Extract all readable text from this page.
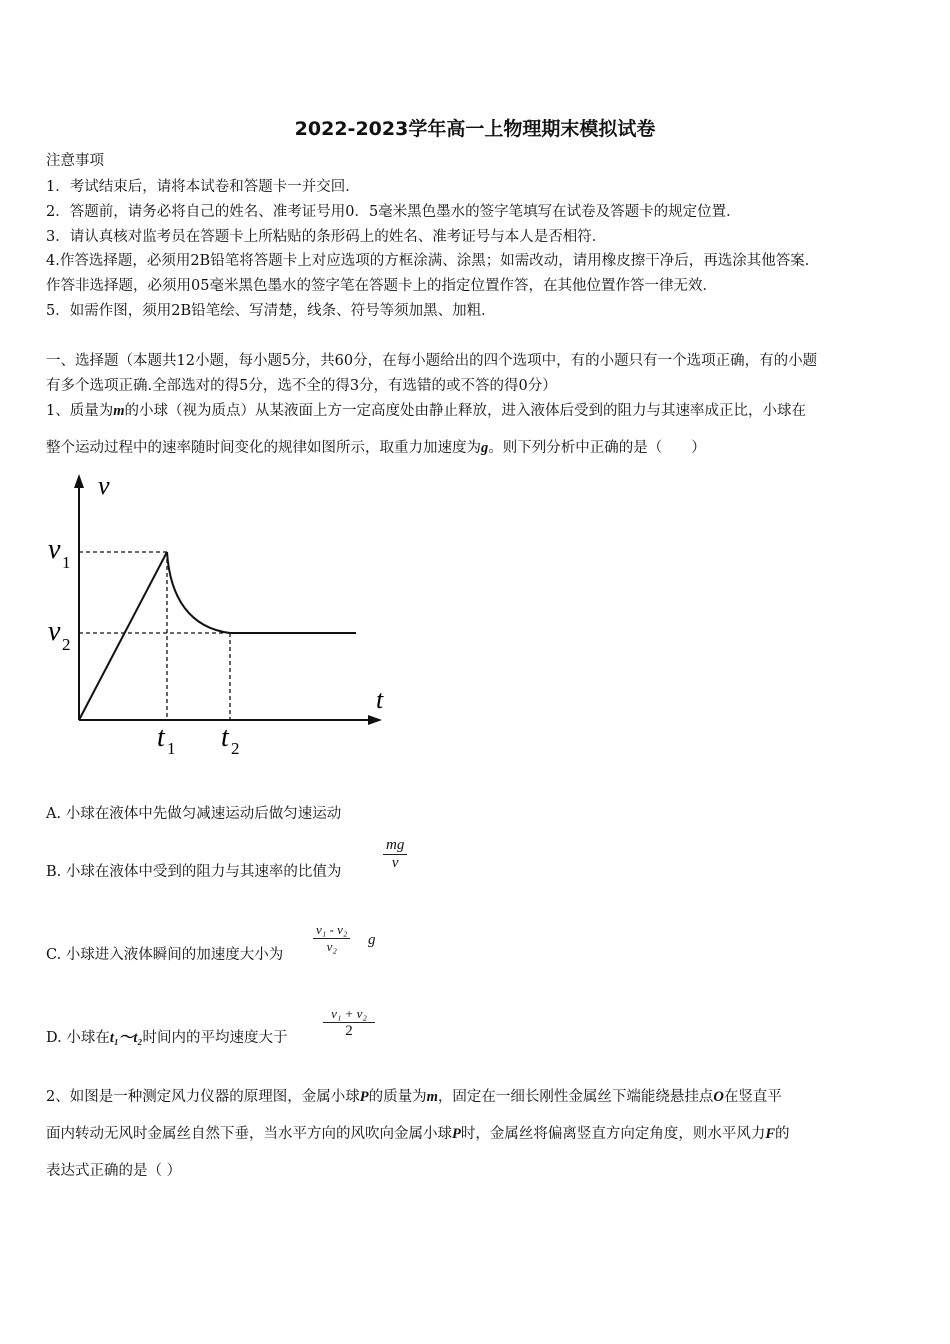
2022-2023学年高一上物理期末模拟试卷
注意事项
1．考试结束后，请将本试卷和答题卡一并交回．
2．答题前，请务必将自己的姓名、准考证号用0．5毫米黑色墨水的签字笔填写在试卷及答题卡的规定位置．
3．请认真核对监考员在答题卡上所粘贴的条形码上的姓名、准考证号与本人是否相符．
4.作答选择题，必须用2B铅笔将答题卡上对应选项的方框涂满、涂黑；如需改动，请用橡皮擦干净后，再选涂其他答案．
作答非选择题，必须用05毫米黑色墨水的签字笔在答题卡上的指定位置作答，在其他位置作答一律无效．
5．如需作图，须用2B铅笔绘、写清楚，线条、符号等须加黑、加粗．
一、选择题（本题共12小题，每小题5分，共60分，在每小题给出的四个选项中，有的小题只有一个选项正确，有的小题
有多个选项正确.全部选对的得5分，选不全的得3分，有选错的或不答的得0分）
1、质量为m的小球（视为质点）从某液面上方一定高度处由静止释放，进入液体后受到的阻力与其速率成正比，小球在
整个运动过程中的速率随时间变化的规律如图所示，取重力加速度为g。则下列分析中正确的是（　　）
v
t
v 1
v 2
t 1 t 2
A. 小球在液体中先做匀减速运动后做匀速运动
B. 小球在液体中受到的阻力与其速率的比值为
mg
v
C. 小球进入液体瞬间的加速度大小为
v₁ - v₂
v₂	g
D. 小球在t₁～t₂时间内的平均速度大于
v₁ + v₂
2
2、如图是一种测定风力仪器的原理图，金属小球P的质量为m，固定在一细长刚性金属丝下端能绕悬挂点O在竖直平
面内转动无风时金属丝自然下垂，当水平方向的风吹向金属小球P时，金属丝将偏离竖直方向定角度，则水平风力F的
表达式正确的是（ ）
